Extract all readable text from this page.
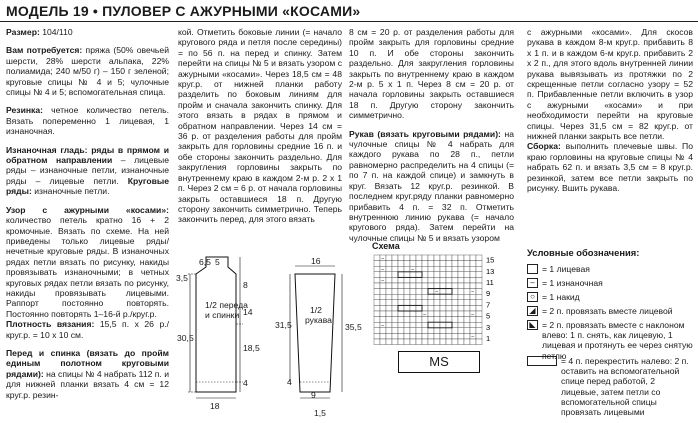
МОДЕЛЬ 19 • ПУЛОВЕР С АЖУРНЫМИ «КОСАМИ»

Размер: 104/110

Вам потребуется: пряжа (50% овечьей шерсти, 28% шерсти альпака, 22% полиамида; 240 м/50 г) – 150 г зеленой; круговые спицы № 4 и 5; чулочные спицы № 4 и 5; вспомогательная спица.

Резинка: четное количество петель. Вязать попеременно 1 лицевая, 1 изнаночная.

Изнаночная гладь: ряды в прямом и обратном направлении – лицевые ряды – изнаночные петли, изнаночные ряды – лицевые петли. Круговые ряды: изнаночные петли.

Узор с ажурными «косами»: количество петель кратно 16 + 2 кромочные. Вязать по схеме. На ней приведены только лицевые ряды/нечетные круговые ряды. В изнаночных рядах петли вязать по рисунку, накиды провязывать изнаночными; в четных круговых рядах петли вязать по рисунку, накиды провязывать лицевыми. Раппорт постоянно повторять. Постоянно повторять 1–16-й р./круг.р.

Плотность вязания: 15,5 п. х 26 р./круг.р. = 10 х 10 см.

Перед и спинка (вязать до пройм единым полотном круговыми рядами): на спицы № 4 набрать 112 п. и для нижней планки вязать 4 см = 12 круг.р. резин-

кой. Отметить боковые линии (= начало кругового ряда и петля после середины) = по 56 п. на перед и спинку. Затем перейти на спицы № 5 и вязать узором с ажурными «косами». Через 18,5 см = 48 круг.р. от нижней планки работу разделить по боковым линиям для пройм и сначала закончить спинку. Для этого вязать в рядах в прямом и обратном направлении. Через 14 см = 36 р. от разделения работы для пройм закрыть для горловины средние 16 п. и обе стороны закончить раздельно. Для закругления горловины закрыть по внутреннему краю в каждом 2-м р. 2 х 1 п. Через 2 см = 6 р. от начала горловины закрыть оставшиеся 18 п. Другую сторону закончить симметрично. Теперь закончить перед, для этого вязать

8 см = 20 р. от разделения работы для пройм закрыть для горловины средние 10 п. И обе стороны закончить раздельно. Для закругления горловины закрыть по внутреннему краю в каждом 2-м р. 5 х 1 п. Через 8 см = 20 р. от начала горловины закрыть оставшиеся 18 п. Другую сторону закончить симметрично.

Рукав (вязать круговыми рядами): на чулочные спицы № 4 набрать для каждого рукава по 28 п., петли равномерно распределить на 4 спицы (= по 7 п. на каждой спице) и замкнуть в круг. Вязать 12 круг.р. резинкой. В последнем круг.ряду планки равномерно прибавить 4 п. = 32 п. Отметить внутреннюю линию рукава (= начало кругового ряда). Затем перейти на чулочные спицы № 5 и вязать узором

с ажурными «косами». Для скосов рукава в каждом 8-м круг.р. прибавить 8 х 1 п. и в каждом 6-м круг.р. прибавить 2 х 2 п., для этого вдоль внутренней линии рукава вывязывать из протяжки по 2 скрещенные петли согласно узору = 52 п. Прибавленные петли включить в узор с ажурными «косами» и при необходимости перейти на круговые спицы. Через 31,5 см = 82 круг.р. от нижней планки закрыть все петли.

Сборка: выполнить плечевые швы. По краю горловины на круговые спицы № 4 набрать 62 п. и вязать 3,5 см = 8 круг.р. резинкой, затем все петли закрыть по рисунку. Вшить рукава.

1/2 переда
и спинки
6,5 5
3,5
14
8
30,5
18,5
4
18
1/2
рукава
16
31,5	35,5
4
9
1,5
Схема
–
–
–
–
–
–
–
–
–
–
15
13
11
9
7
5
3
1
MS
Условные обозначения:
= 1 лицевая
– = 1 изнаночная
○ = 1 накид
◢ = 2 п. провязать вместе лицевой
◣ = 2 п. провязать вместе с наклоном влево: 1 п. снять, как лицевую, 1 лицевая и протянуть ее через снятую петлю
= 4 п. перекрестить налево: 2 п. оставить на вспомогательной спице перед работой, 2 лицевые, затем петли со вспомогательной спицы провязать лицевыми
